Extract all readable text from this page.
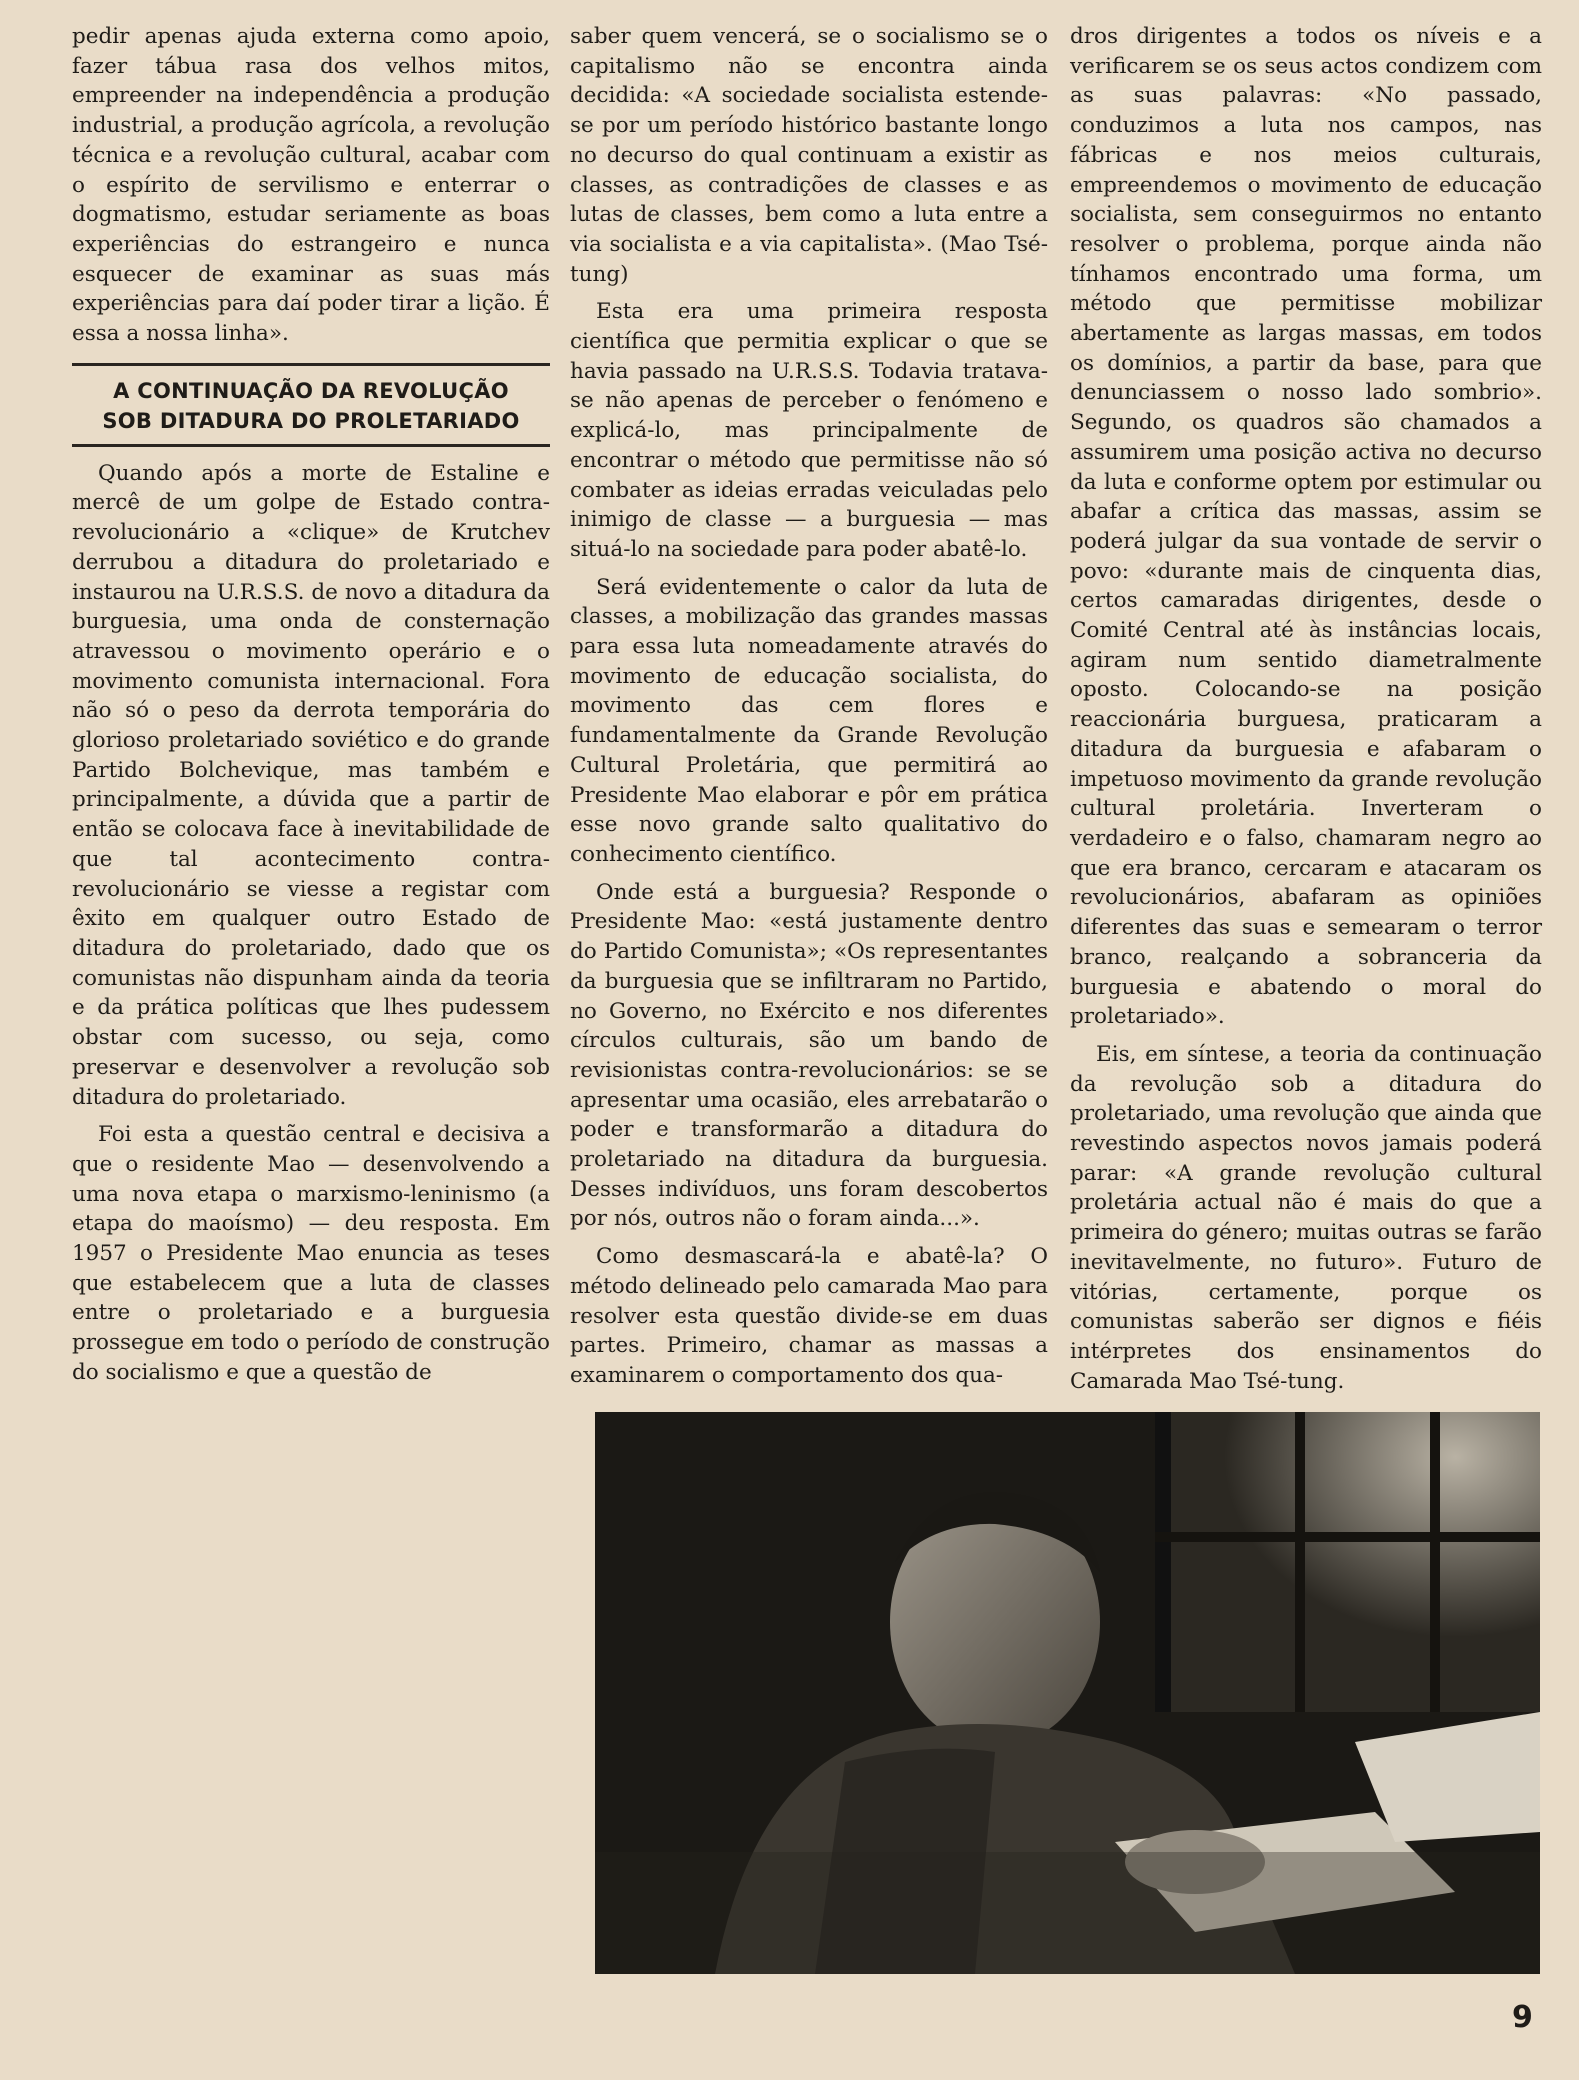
pedir apenas ajuda externa como apoio, fazer tábua rasa dos velhos mitos, empreender na independência a produção industrial, a produção agrícola, a revolução técnica e a revolução cultural, acabar com o espírito de servilismo e enterrar o dogmatismo, estudar seriamente as boas experiências do estrangeiro e nunca esquecer de examinar as suas más experiências para daí poder tirar a lição. É essa a nossa linha».

A CONTINUAÇÃO DA REVOLUÇÃO
SOB DITADURA DO PROLETARIADO

Quando após a morte de Estaline e mercê de um golpe de Estado contra-revolucionário a «clique» de Krutchev derrubou a ditadura do proletariado e instaurou na U.R.S.S. de novo a ditadura da burguesia, uma onda de consternação atravessou o movimento operário e o movimento comunista internacional. Fora não só o peso da derrota temporária do glorioso proletariado soviético e do grande Partido Bolchevique, mas também e principalmente, a dúvida que a partir de então se colocava face à inevitabilidade de que tal acontecimento contra-revolucionário se viesse a registar com êxito em qualquer outro Estado de ditadura do proletariado, dado que os comunistas não dispunham ainda da teoria e da prática políticas que lhes pudessem obstar com sucesso, ou seja, como preservar e desenvolver a revolução sob ditadura do proletariado.

Foi esta a questão central e decisiva a que o residente Mao — desenvolvendo a uma nova etapa o marxismo-leninismo (a etapa do maoísmo) — deu resposta. Em 1957 o Presidente Mao enuncia as teses que estabelecem que a luta de classes entre o proletariado e a burguesia prossegue em todo o período de construção do socialismo e que a questão de

saber quem vencerá, se o socialismo se o capitalismo não se encontra ainda decidida: «A sociedade socialista estende-se por um período histórico bastante longo no decurso do qual continuam a existir as classes, as contradições de classes e as lutas de classes, bem como a luta entre a via socialista e a via capitalista». (Mao Tsé-tung)

Esta era uma primeira resposta científica que permitia explicar o que se havia passado na U.R.S.S. Todavia tratava-se não apenas de perceber o fenómeno e explicá-lo, mas principalmente de encontrar o método que permitisse não só combater as ideias erradas veiculadas pelo inimigo de classe — a burguesia — mas situá-lo na sociedade para poder abatê-lo.

Será evidentemente o calor da luta de classes, a mobilização das grandes massas para essa luta nomeadamente através do movimento de educação socialista, do movimento das cem flores e fundamentalmente da Grande Revolução Cultural Proletária, que permitirá ao Presidente Mao elaborar e pôr em prática esse novo grande salto qualitativo do conhecimento científico.

Onde está a burguesia? Responde o Presidente Mao: «está justamente dentro do Partido Comunista»; «Os representantes da burguesia que se infiltraram no Partido, no Governo, no Exército e nos diferentes círculos culturais, são um bando de revisionistas contra-revolucionários: se se apresentar uma ocasião, eles arrebatarão o poder e transformarão a ditadura do proletariado na ditadura da burguesia. Desses indivíduos, uns foram descobertos por nós, outros não o foram ainda...».

Como desmascará-la e abatê-la? O método delineado pelo camarada Mao para resolver esta questão divide-se em duas partes. Primeiro, chamar as massas a examinarem o comportamento dos qua-

dros dirigentes a todos os níveis e a verificarem se os seus actos condizem com as suas palavras: «No passado, conduzimos a luta nos campos, nas fábricas e nos meios culturais, empreendemos o movimento de educação socialista, sem conseguirmos no entanto resolver o problema, porque ainda não tínhamos encontrado uma forma, um método que permitisse mobilizar abertamente as largas massas, em todos os domínios, a partir da base, para que denunciassem o nosso lado sombrio». Segundo, os quadros são chamados a assumirem uma posição activa no decurso da luta e conforme optem por estimular ou abafar a crítica das massas, assim se poderá julgar da sua vontade de servir o povo: «durante mais de cinquenta dias, certos camaradas dirigentes, desde o Comité Central até às instâncias locais, agiram num sentido diametralmente oposto. Colocando-se na posição reaccionária burguesa, praticaram a ditadura da burguesia e afabaram o impetuoso movimento da grande revolução cultural proletária. Inverteram o verdadeiro e o falso, chamaram negro ao que era branco, cercaram e atacaram os revolucionários, abafaram as opiniões diferentes das suas e semearam o terror branco, realçando a sobranceria da burguesia e abatendo o moral do proletariado».

Eis, em síntese, a teoria da continuação da revolução sob a ditadura do proletariado, uma revolução que ainda que revestindo aspectos novos jamais poderá parar: «A grande revolução cultural proletária actual não é mais do que a primeira do género; muitas outras se farão inevitavelmente, no futuro». Futuro de vitórias, certamente, porque os comunistas saberão ser dignos e fiéis intérpretes dos ensinamentos do Camarada Mao Tsé-tung.

9
